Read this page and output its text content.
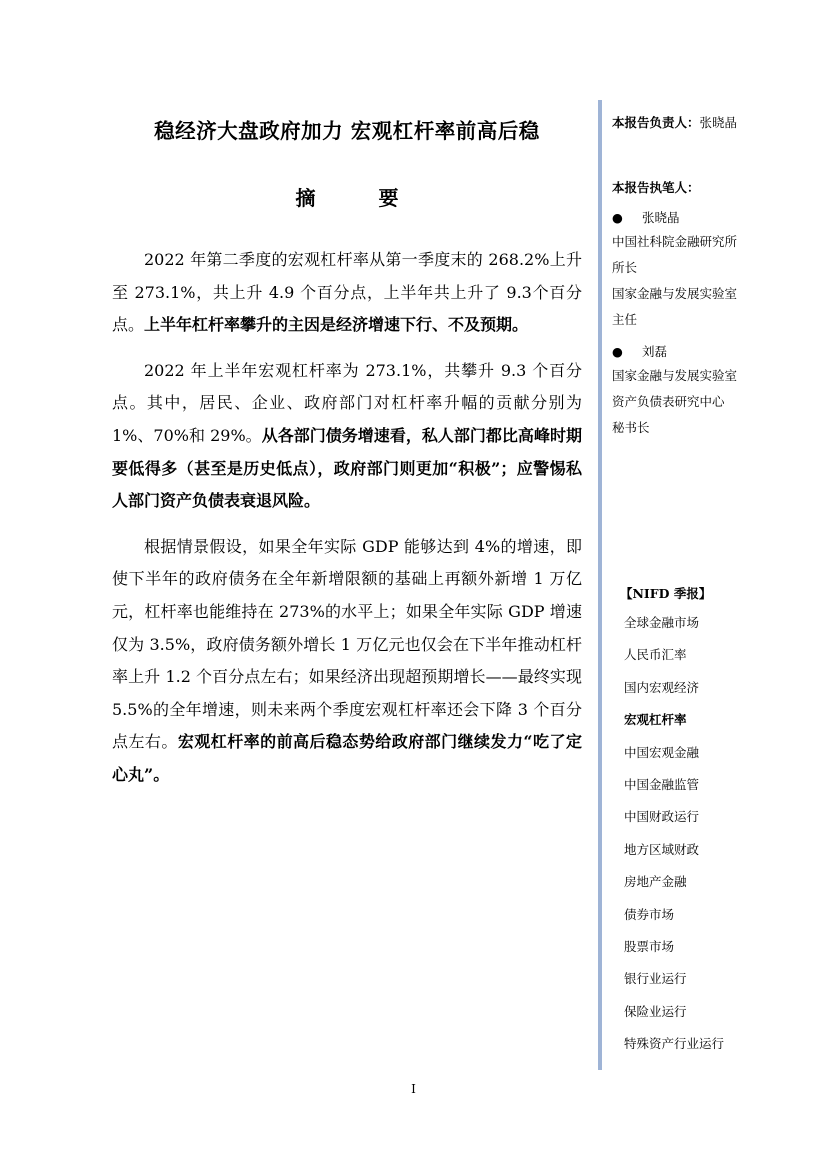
稳经济大盘政府加力 宏观杠杆率前高后稳
摘 要

2022 年第二季度的宏观杠杆率从第一季度末的 268.2%上升至 273.1%，共上升 4.9 个百分点，上半年共上升了 9.3个百分点。上半年杠杆率攀升的主因是经济增速下行、不及预期。

2022 年上半年宏观杠杆率为 273.1%，共攀升 9.3 个百分点。其中，居民、企业、政府部门对杠杆率升幅的贡献分别为 1%、70%和 29%。从各部门债务增速看，私人部门都比高峰时期要低得多（甚至是历史低点），政府部门则更加“积极”；应警惕私人部门资产负债表衰退风险。

根据情景假设，如果全年实际 GDP 能够达到 4%的增速，即使下半年的政府债务在全年新增限额的基础上再额外新增 1 万亿元，杠杆率也能维持在 273%的水平上；如果全年实际 GDP 增速仅为 3.5%，政府债务额外增长 1 万亿元也仅会在下半年推动杠杆率上升 1.2 个百分点左右；如果经济出现超预期增长——最终实现 5.5%的全年增速，则未来两个季度宏观杠杆率还会下降 3 个百分点左右。宏观杠杆率的前高后稳态势给政府部门继续发力“吃了定心丸”。

本报告负责人：张晓晶
本报告执笔人：
● 张晓晶
中国社科院金融研究所
所长
国家金融与发展实验室
主任
● 刘磊
国家金融与发展实验室
资产负债表研究中心
秘书长
【NIFD 季报】
全球金融市场
人民币汇率
国内宏观经济
宏观杠杆率
中国宏观金融
中国金融监管
中国财政运行
地方区域财政
房地产金融
债券市场
股票市场
银行业运行
保险业运行
特殊资产行业运行
I
